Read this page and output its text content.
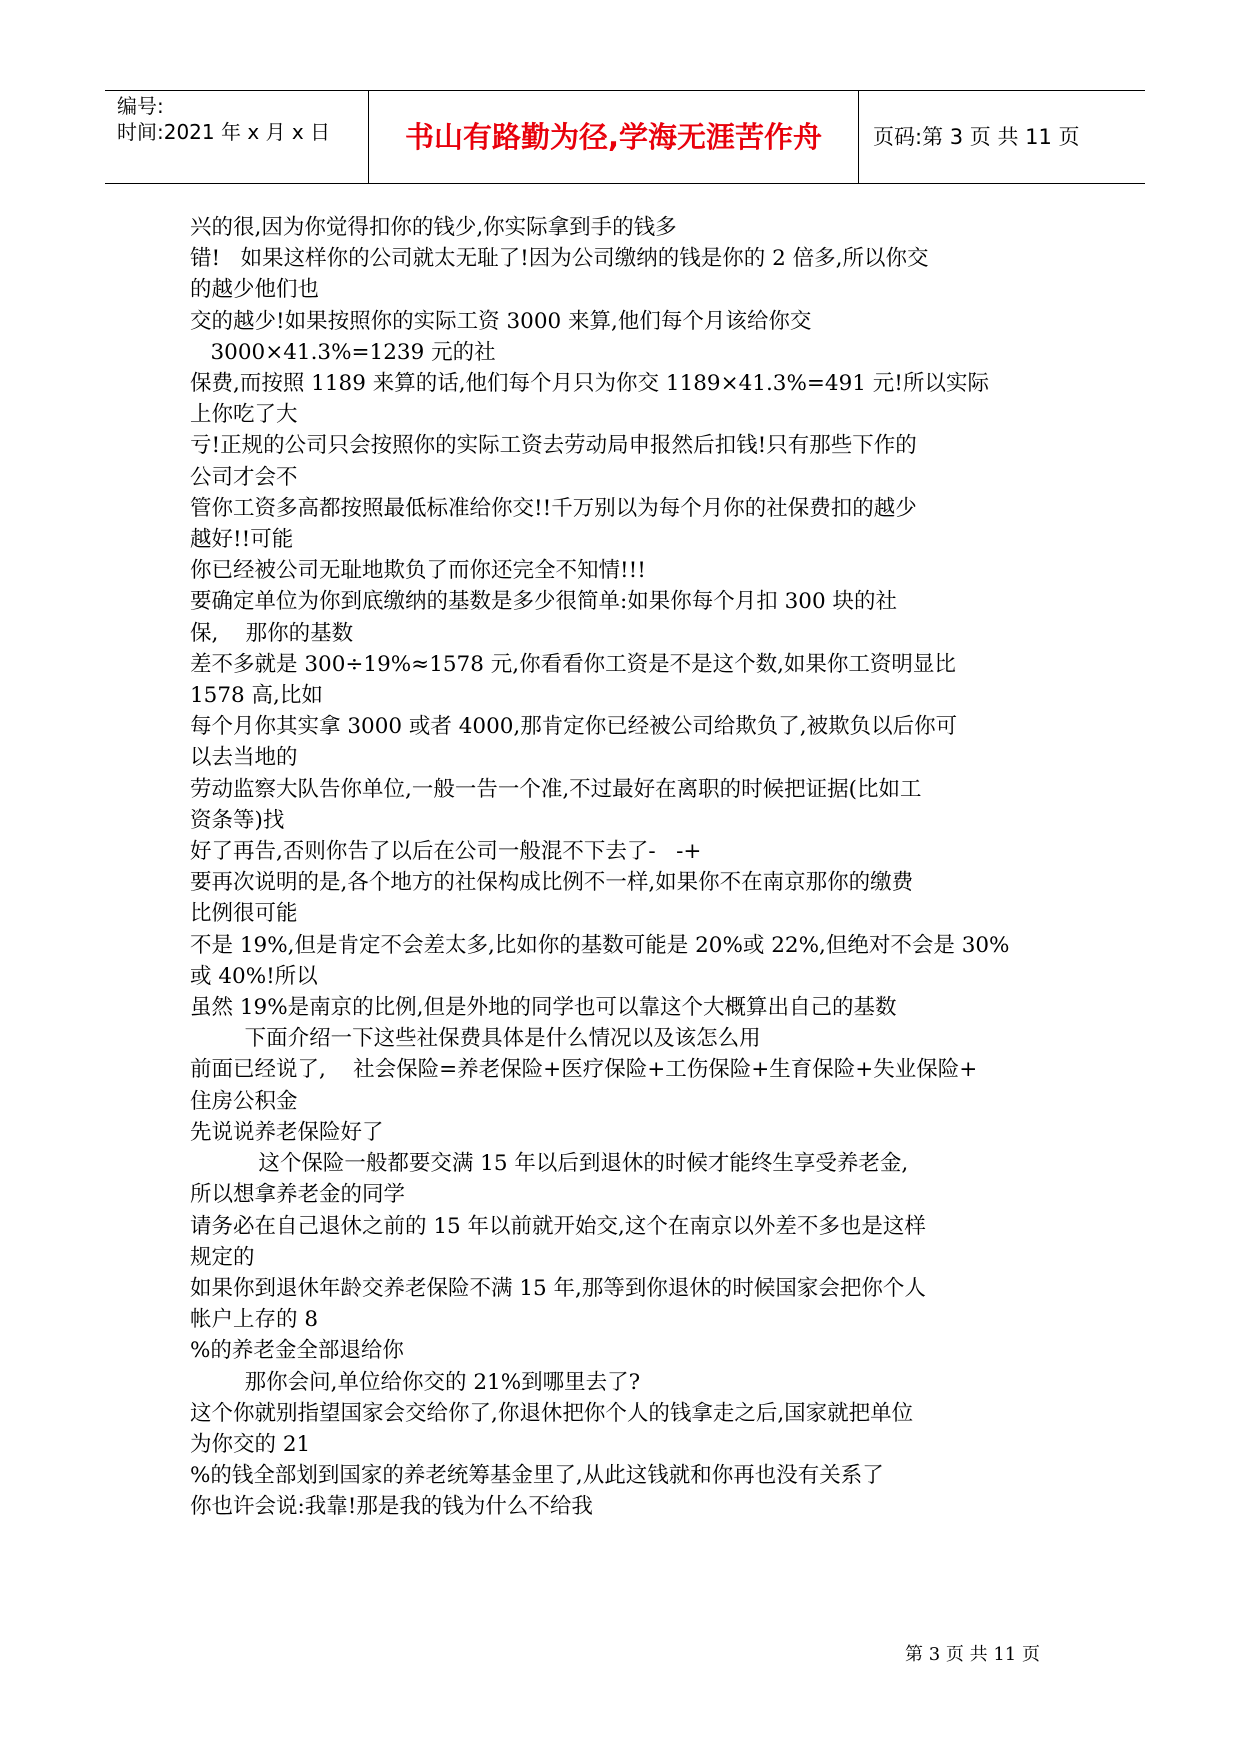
编号:
时间:2021 年 x 月 x 日	书山有路勤为径,学海无涯苦作舟	页码:第 3 页 共 11 页

兴的很,因为你觉得扣你的钱少,你实际拿到手的钱多

错!   如果这样你的公司就太无耻了!因为公司缴纳的钱是你的 2 倍多,所以你交

的越少他们也

交的越少!如果按照你的实际工资 3000 来算,他们每个月该给你交

3000×41.3%=1239 元的社

保费,而按照 1189 来算的话,他们每个月只为你交 1189×41.3%=491 元!所以实际

上你吃了大

亏!正规的公司只会按照你的实际工资去劳动局申报然后扣钱!只有那些下作的

公司才会不

管你工资多高都按照最低标准给你交!!千万别以为每个月你的社保费扣的越少

越好!!可能

你已经被公司无耻地欺负了而你还完全不知情!!!

要确定单位为你到底缴纳的基数是多少很简单:如果你每个月扣 300 块的社

保,    那你的基数

差不多就是 300÷19%≈1578 元,你看看你工资是不是这个数,如果你工资明显比

1578 高,比如

每个月你其实拿 3000 或者 4000,那肯定你已经被公司给欺负了,被欺负以后你可

以去当地的

劳动监察大队告你单位,一般一告一个准,不过最好在离职的时候把证据(比如工

资条等)找

好了再告,否则你告了以后在公司一般混不下去了-   -+

要再次说明的是,各个地方的社保构成比例不一样,如果你不在南京那你的缴费

比例很可能

不是 19%,但是肯定不会差太多,比如你的基数可能是 20%或 22%,但绝对不会是 30%

或 40%!所以

虽然 19%是南京的比例,但是外地的同学也可以靠这个大概算出自己的基数

下面介绍一下这些社保费具体是什么情况以及该怎么用

前面已经说了,    社会保险=养老保险+医疗保险+工伤保险+生育保险+失业保险+

住房公积金

先说说养老保险好了

这个保险一般都要交满 15 年以后到退休的时候才能终生享受养老金,

所以想拿养老金的同学

请务必在自己退休之前的 15 年以前就开始交,这个在南京以外差不多也是这样

规定的

如果你到退休年龄交养老保险不满 15 年,那等到你退休的时候国家会把你个人

帐户上存的 8

%的养老金全部退给你

那你会问,单位给你交的 21%到哪里去了?

这个你就别指望国家会交给你了,你退休把你个人的钱拿走之后,国家就把单位

为你交的 21

%的钱全部划到国家的养老统筹基金里了,从此这钱就和你再也没有关系了

你也许会说:我靠!那是我的钱为什么不给我

第 3 页 共 11 页
